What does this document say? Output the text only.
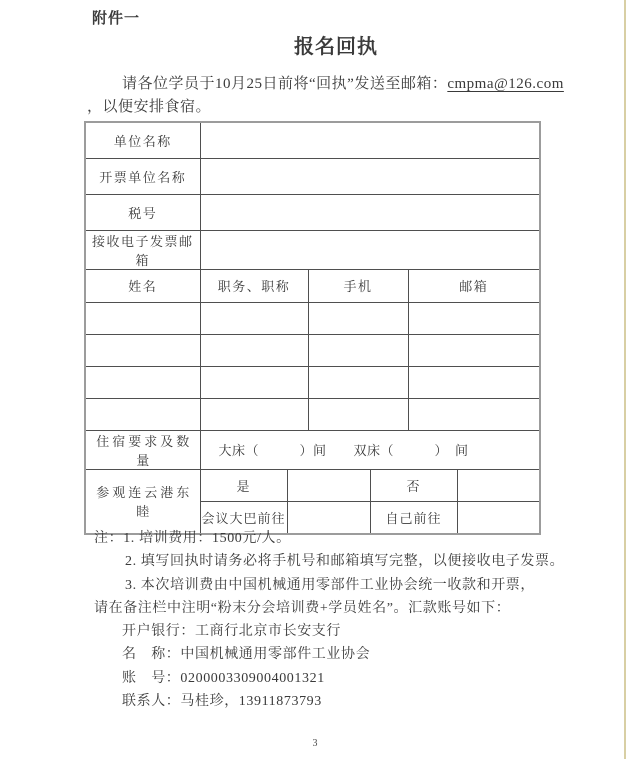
附件一
报名回执
请各位学员于10月25日前将“回执”发送至邮箱：cmpma@126.com
，以便安排食宿。
单位名称						
开票单位名称						
税号						
接收电子发票邮箱						
姓名	职务、职称		手机		邮箱	

住宿要求及数量	大床（　　　）间　　双床（　　　）　间					
参观连云港东睦	是			否		
	会议大巴前往			自己前往		
注：1. 培训费用：1500元/人。
2. 填写回执时请务必将手机号和邮箱填写完整，以便接收电子发票。
3. 本次培训费由中国机械通用零部件工业协会统一收款和开票，
请在备注栏中注明“粉末分会培训费+学员姓名”。汇款账号如下：
开户银行：工商行北京市长安支行
名　称：中国机械通用零部件工业协会
账　号：0200003309004001321
联系人：马桂珍，13911873793
3
